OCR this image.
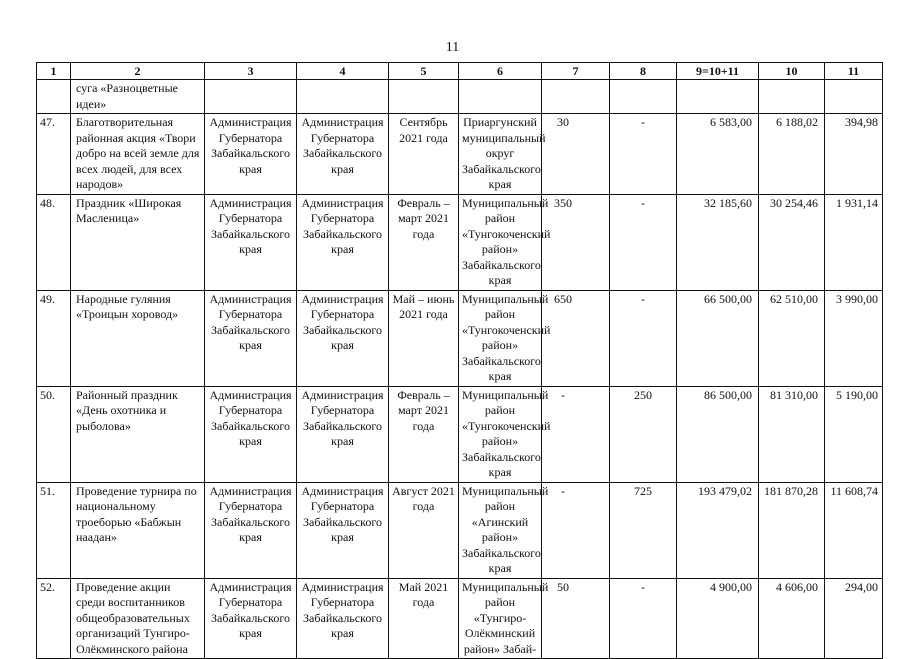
11
1	2	3	4	5	6	7	8	9=10+11	10	11
	суга «Разноцветные идеи»									
47.	Благотворительная районная акция «Твори добро на всей земле для всех людей, для всех народов»	Администрация Губернатора Забайкальского края	Администрация Губернатора Забайкальского края	Сентябрь 2021 года	Приаргунский муниципальный округ Забайкальского края	30	-	6 583,00	6 188,02	394,98
48.	Праздник «Широкая Масленица»	Администрация Губернатора Забайкальского края	Администрация Губернатора Забайкальского края	Февраль – март 2021 года	Муниципальный район «Тунгокоченский район» Забайкальского края	350	-	32 185,60	30 254,46	1 931,14
49.	Народные гуляния «Троицын хоровод»	Администрация Губернатора Забайкальского края	Администрация Губернатора Забайкальского края	Май – июнь 2021 года	Муниципальный район «Тунгокоченский район» Забайкальского края	650	-	66 500,00	62 510,00	3 990,00
50.	Районный праздник «День охотника и рыболова»	Администрация Губернатора Забайкальского края	Администрация Губернатора Забайкальского края	Февраль – март 2021 года	Муниципальный район «Тунгокоченский район» Забайкальского края	-	250	86 500,00	81 310,00	5 190,00
51.	Проведение турнира по национальному троеборью «Бабжын наадан»	Администрация Губернатора Забайкальского края	Администрация Губернатора Забайкальского края	Август 2021 года	Муниципальный район «Агинский район» Забайкальского края	-	725	193 479,02	181 870,28	11 608,74
52.	Проведение акции среди воспитанников общеобразовательных организаций Тунгиро-Олёкминского района	Администрация Губернатора Забайкальского края	Администрация Губернатора Забайкальского края	Май 2021 года	Муниципальный район «Тунгиро-Олёкминский район» Забай-	50	-	4 900,00	4 606,00	294,00
